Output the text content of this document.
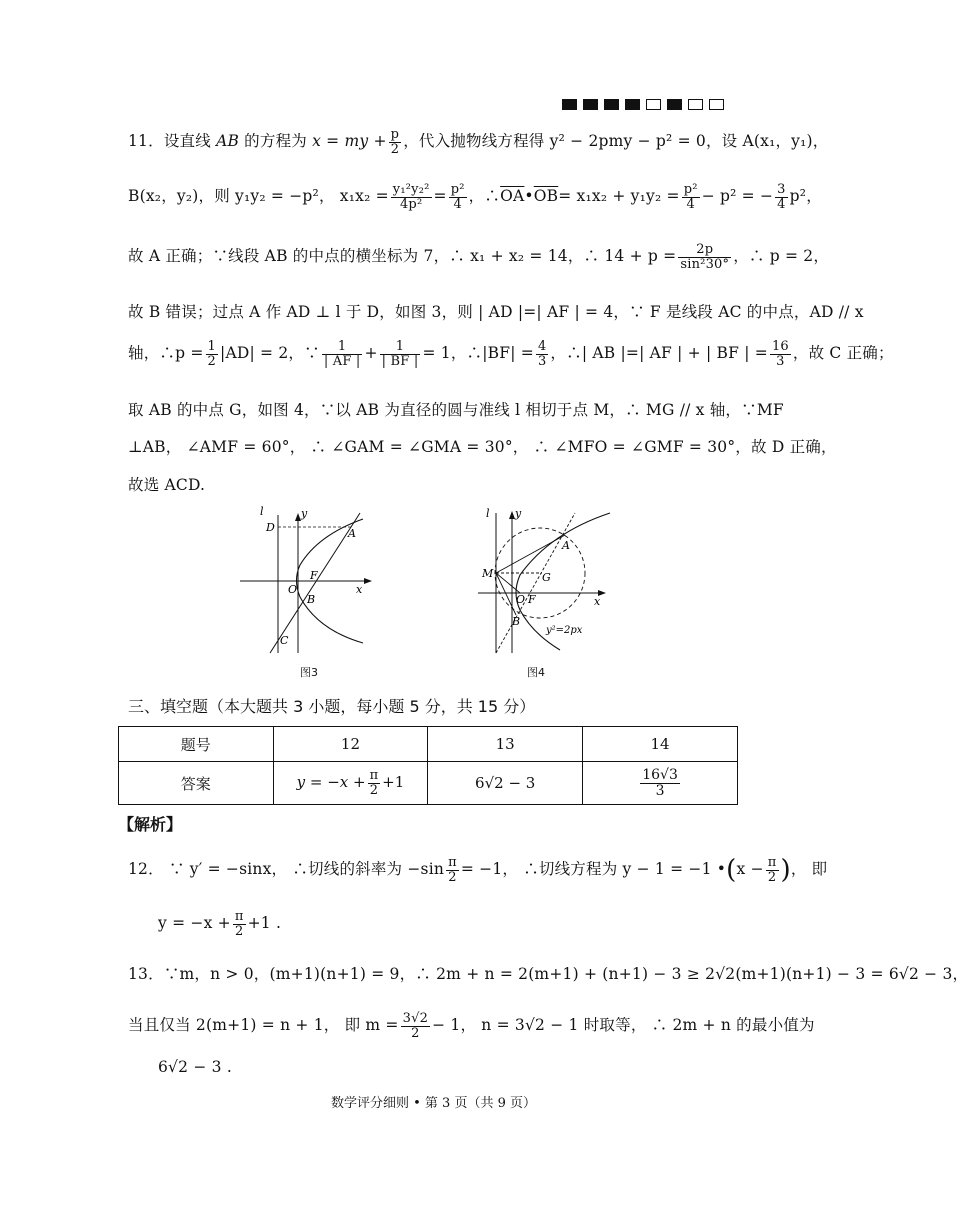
11．设直线 AB 的方程为 x = my + $\frac{p}{2}$ ，代入抛物线方程得 y² − 2pmy − p² = 0，设 A(x₁，y₁)，
B(x₂，y₂)，则 y₁y₂ = −p²， $x_1x_2 = \frac{\text{y₁²y₂²}}{\text{4p²}} = \frac{\text{p²}}{4}$ ，$\therefore\overline{OA}•\overline{OB}= x_1x_2 + y_1y_2 = \frac{\text{p²}}{4} - p^2$ = − $\frac{3}{4} p^2$，
故 A 正确；∵线段 AB 的中点的横坐标为 7，∴ x₁ + x₂ = 14，∴ $14 + p = \frac{2p}{\text{sin²30°}}$ ，∴ p = 2，
故 B 错误；过点 A 作 AD ⊥ l 于 D，如图 3，则 | AD |=| AF | = 4，∵ F 是线段 AC 的中点，AD // x
轴，∴p = $\frac{1}{2} |AD| = 2$，∵ $\frac{1}{| AF |} + \frac{1}{| BF |} = 1$，∴|BF| = $\frac{4}{3}$ ，∴| AB |=| AF | + | BF | = $\frac{16}{3}$ ，故 C 正确；
取 AB 的中点 G，如图 4，∵以 AB 为直径的圆与准线 l 相切于点 M，∴ MG // x 轴，∵MF
⊥AB， ∠AMF = 60°， ∴ ∠GAM = ∠GMA = 30°， ∴ ∠MFO = ∠GMF = 30°，故 D 正确，
故选 ACD.
l	y
x
D	A
F
O
B
C
图3
l y
x
A
M	G
O F
B
y²=2px
图4
三、填空题（本大题共 3 小题，每小题 5 分，共 15 分）
题号	12	13	14
答案	$y = -x + \frac{\pi}{2} +1$	6√2 − 3	$\frac{16√3}{3}$
【解析】
12． ∵ y′ = −sinx， ∴切线的斜率为 $-\sin \frac{\pi}{2} = -1$， ∴切线方程为 y − 1 = −1 •(x − $\frac{\pi}{2}$ )， 即
$y = -x + \frac{\pi}{2} +1$ .
13．∵m，n > 0，(m+1)(n+1) = 9，∴ 2m + n = 2(m+1) + (n+1) − 3 ≥ 2√2(m+1)(n+1) − 3 = 6√2 − 3，
当且仅当 2(m+1) = n + 1， 即 $m = \frac{3√2}{2} - 1$， n = 3√2 − 1 时取等， ∴ 2m + n 的最小值为
6√2 − 3 .
数学评分细则 • 第 3 页（共 9 页）
